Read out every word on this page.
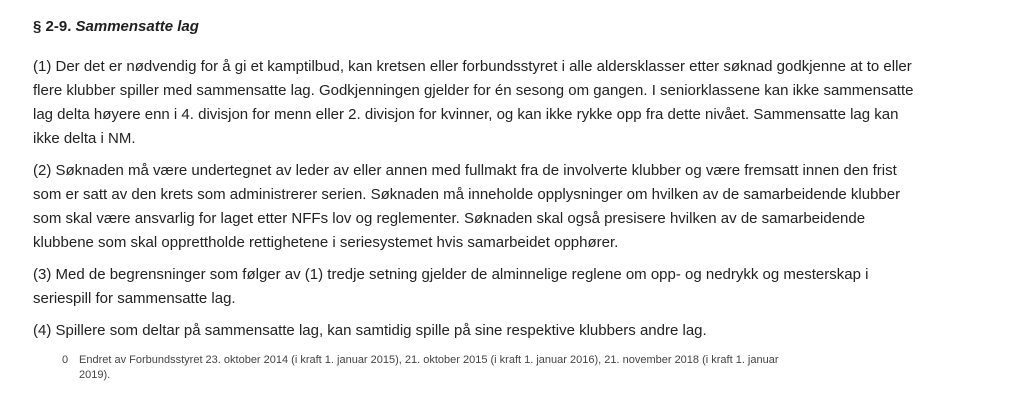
§ 2-9. Sammensatte lag

(1) Der det er nødvendig for å gi et kamptilbud, kan kretsen eller forbundsstyret i alle aldersklasser etter søknad godkjenne at to eller
flere klubber spiller med sammensatte lag. Godkjenningen gjelder for én sesong om gangen. I seniorklassene kan ikke sammensatte
lag delta høyere enn i 4. divisjon for menn eller 2. divisjon for kvinner, og kan ikke rykke opp fra dette nivået. Sammensatte lag kan
ikke delta i NM.

(2) Søknaden må være undertegnet av leder av eller annen med fullmakt fra de involverte klubber og være fremsatt innen den frist
som er satt av den krets som administrerer serien. Søknaden må inneholde opplysninger om hvilken av de samarbeidende klubber
som skal være ansvarlig for laget etter NFFs lov og reglementer. Søknaden skal også presisere hvilken av de samarbeidende
klubbene som skal opprettholde rettighetene i seriesystemet hvis samarbeidet opphører.

(3) Med de begrensninger som følger av (1) tredje setning gjelder de alminnelige reglene om opp- og nedrykk og mesterskap i
seriespill for sammensatte lag.

(4) Spillere som deltar på sammensatte lag, kan samtidig spille på sine respektive klubbers andre lag.

0 Endret av Forbundsstyret 23. oktober 2014 (i kraft 1. januar 2015), 21. oktober 2015 (i kraft 1. januar 2016), 21. november 2018 (i kraft 1. januar
2019).
